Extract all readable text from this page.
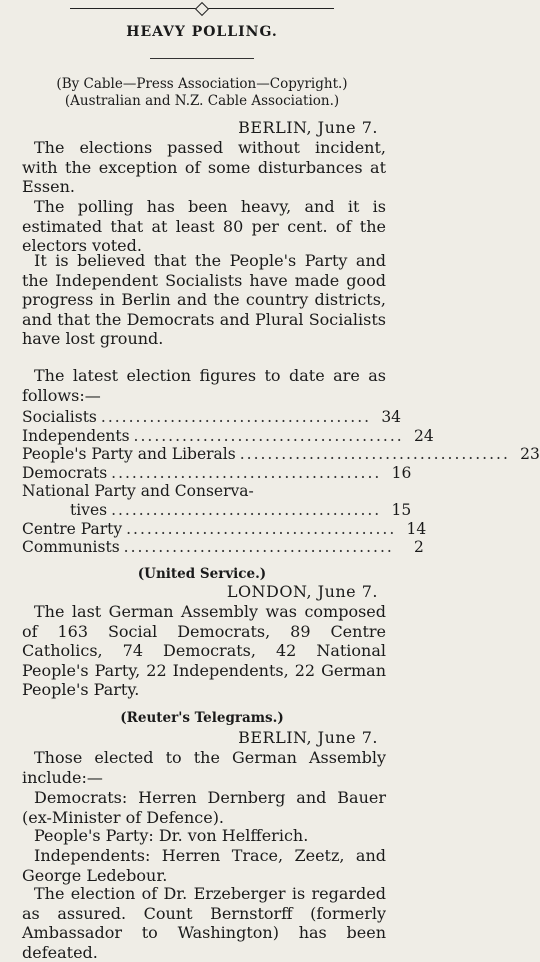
HEAVY POLLING.
(By Cable—Press Association—Copyright.)
(Australian and N.Z. Cable Association.)
BERLIN, June 7.
The elections passed without incident, with the exception of some disturbances at Essen.
The polling has been heavy, and it is estimated that at least 80 per cent. of the electors voted.
It is believed that the People's Party and the Independent Socialists have made good progress in Berlin and the country districts, and that the Democrats and Plural Socialists have lost ground.
The latest election figures to date are as follows:—
Socialists ....................................... 34
Independents ....................................... 24
People's Party and Liberals ....................................... 23
Democrats ....................................... 16
National Party and Conserva-
tives ....................................... 15
Centre Party ....................................... 14
Communists .......................................	2
(United Service.)
LONDON, June 7.
The last German Assembly was composed of 163 Social Democrats, 89 Centre Catholics, 74 Democrats, 42 National People's Party, 22 Independents, 22 German People's Party.
(Reuter's Telegrams.)
BERLIN, June 7.
Those elected to the German Assembly include:—
Democrats: Herren Dernberg and Bauer (ex-Minister of Defence).
People's Party: Dr. von Helfferich.
Independents: Herren Trace, Zeetz, and George Ledebour.
The election of Dr. Erzeberger is regarded as assured. Count Bernstorff (formerly Ambassador to Washington) has been defeated.
